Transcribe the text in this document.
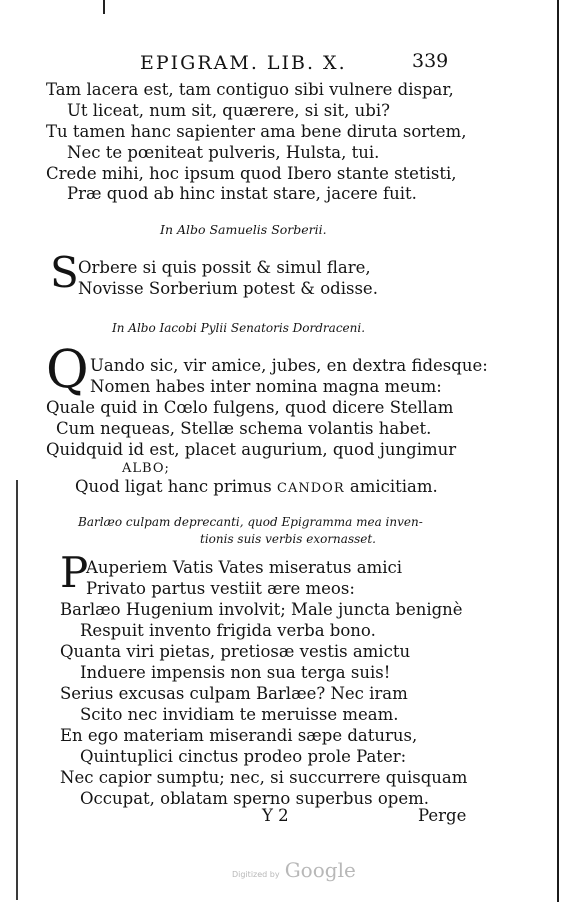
EPIGRAM. LIB. X.	339
Tam lacera est, tam contiguo sibi vulnere dispar,
Ut liceat, num sit, quærere, si sit, ubi?
Tu tamen hanc sapienter ama bene diruta sortem,
Nec te pœniteat pulveris, Hulsta, tui.
Crede mihi, hoc ipsum quod Ibero stante stetisti,
Præ quod ab hinc instat stare, jacere fuit.
In Albo Samuelis Sorberii.
S Orbere si quis possit & simul flare,
Novisse Sorberium potest & odisse.
In Albo Iacobi Pylii Senatoris Dordraceni.
Q Uando sic, vir amice, jubes, en dextra fidesque:
Nomen habes inter nomina magna meum:
Quale quid in Cœlo fulgens, quod dicere Stellam
Cum nequeas, Stellæ schema volantis habet.
Quidquid id est, placet augurium, quod jungimur
ALBO;
Quod ligat hanc primus CANDOR amicitiam.
Barlæo culpam deprecanti, quod Epigramma mea inven-
tionis suis verbis exornasset.
P
Auperiem Vatis Vates miseratus amici
Privato partus vestiit ære meos:
Barlæo Hugenium involvit; Male juncta benignè
Respuit invento frigida verba bono.
Quanta viri pietas, pretiosæ vestis amictu
Induere impensis non sua terga suis!
Serius excusas culpam Barlæe? Nec iram
Scito nec invidiam te meruisse meam.
En ego materiam miserandi sæpe daturus,
Quintuplici cinctus prodeo prole Pater:
Nec capior sumptu; nec, si succurrere quisquam
Occupat, oblatam sperno superbus opem.
Y 2	Perge
Digitized by Google
